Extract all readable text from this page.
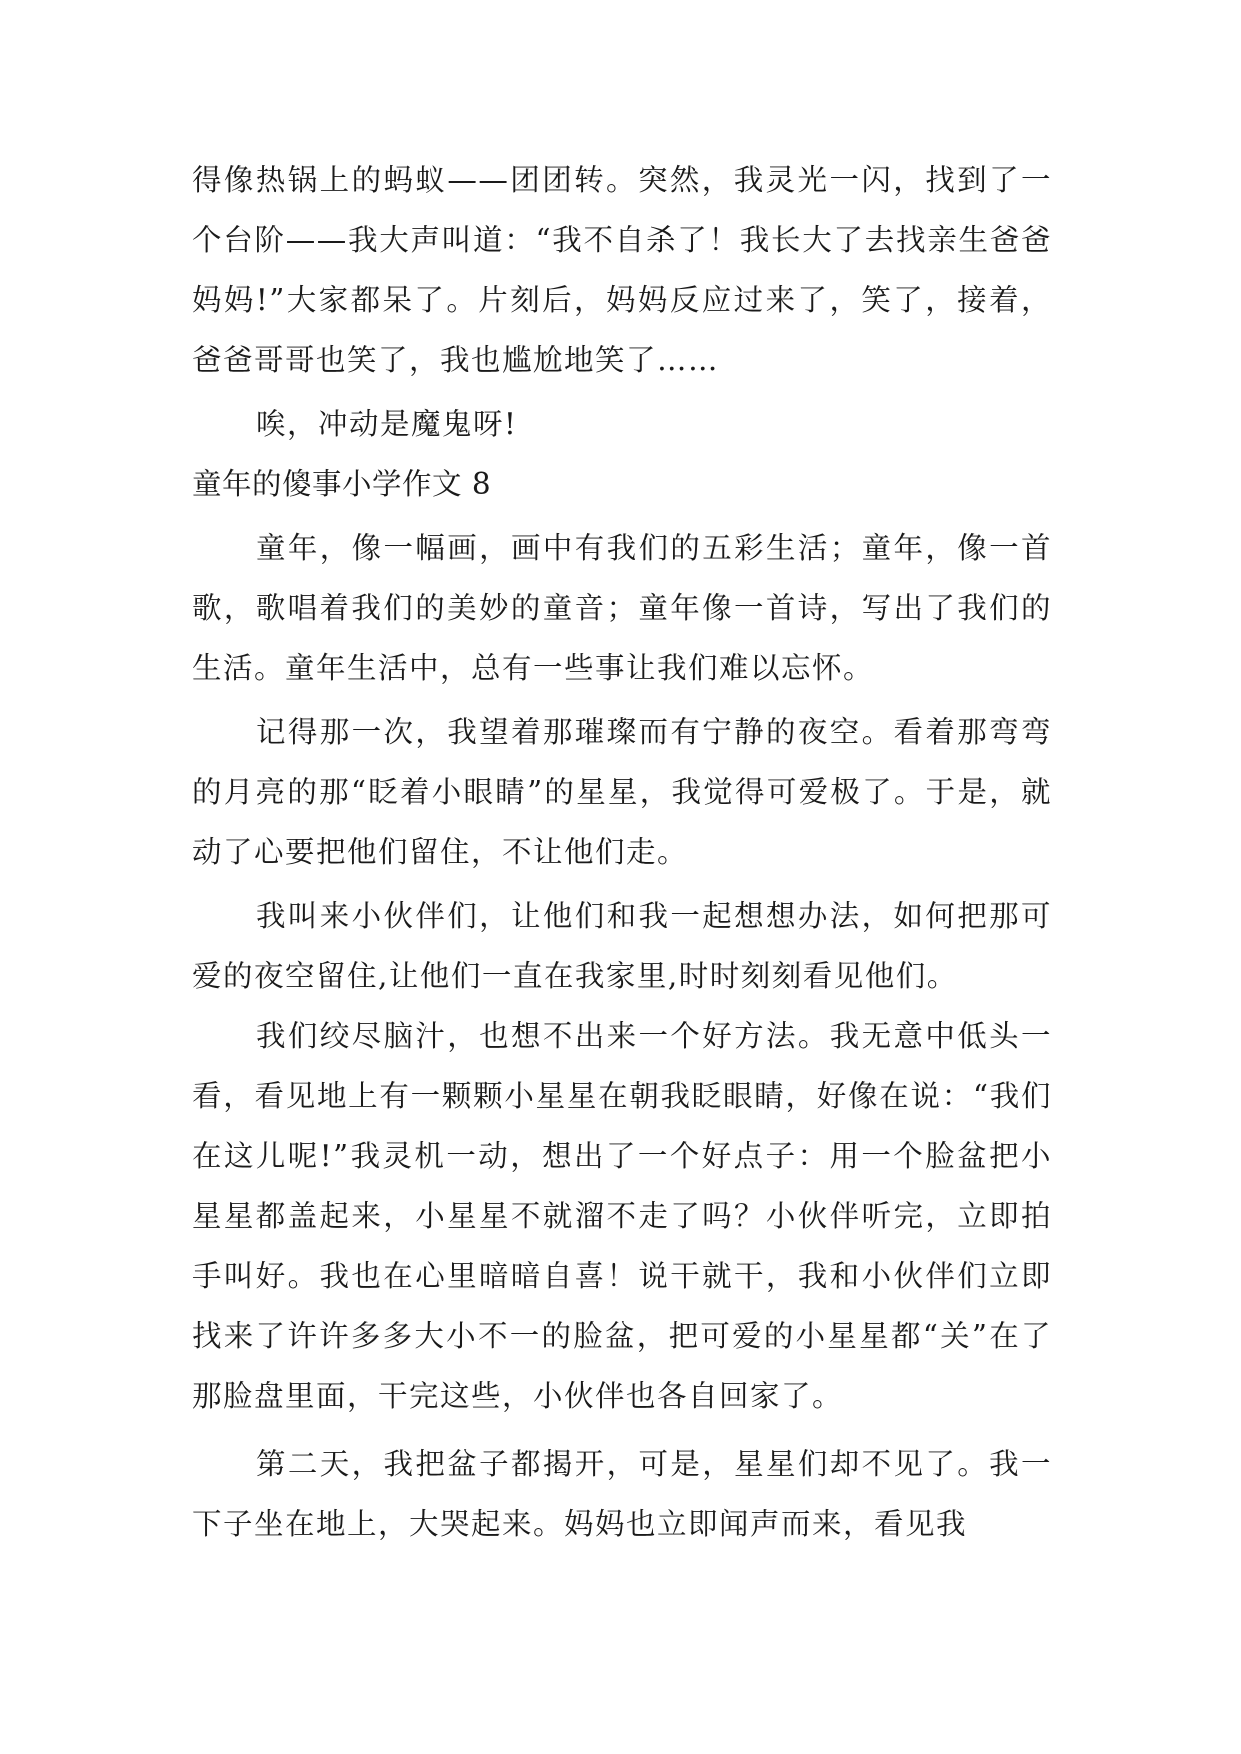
得像热锅上的蚂蚁——团团转。突然，我灵光一闪，找到了一个台阶——我大声叫道：“我不自杀了！我长大了去找亲生爸爸妈妈!”大家都呆了。片刻后，妈妈反应过来了，笑了，接着，爸爸哥哥也笑了，我也尴尬地笑了……

唉，冲动是魔鬼呀!

童年的傻事小学作文 8

童年，像一幅画，画中有我们的五彩生活；童年，像一首歌，歌唱着我们的美妙的童音；童年像一首诗，写出了我们的生活。童年生活中，总有一些事让我们难以忘怀。

记得那一次，我望着那璀璨而有宁静的夜空。看着那弯弯的月亮的那“眨着小眼睛”的星星，我觉得可爱极了。于是，就动了心要把他们留住，不让他们走。

我叫来小伙伴们，让他们和我一起想想办法，如何把那可爱的夜空留住,让他们一直在我家里,时时刻刻看见他们。

我们绞尽脑汁，也想不出来一个好方法。我无意中低头一看，看见地上有一颗颗小星星在朝我眨眼睛，好像在说：“我们在这儿呢!”我灵机一动，想出了一个好点子：用一个脸盆把小星星都盖起来，小星星不就溜不走了吗？小伙伴听完，立即拍手叫好。我也在心里暗暗自喜！说干就干，我和小伙伴们立即找来了许许多多大小不一的脸盆，把可爱的小星星都“关”在了那脸盘里面，干完这些，小伙伴也各自回家了。

第二天，我把盆子都揭开，可是，星星们却不见了。我一下子坐在地上，大哭起来。妈妈也立即闻声而来，看见我
